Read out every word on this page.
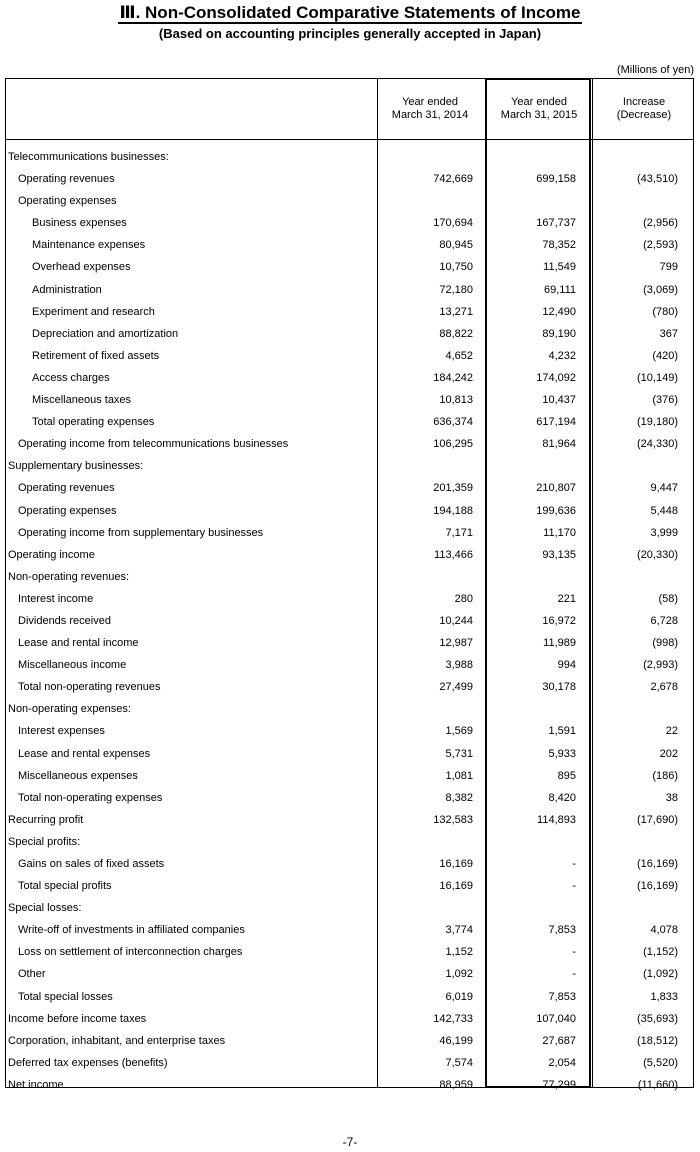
Ⅲ. Non-Consolidated Comparative Statements of Income
(Based on accounting principles generally accepted in Japan)
(Millions of yen)
Year ended
March 31, 2014
Year ended
March 31, 2015
Increase
(Decrease)
Telecommunications businesses:
Operating revenues	742,669	699,158	(43,510)
Operating expenses
Business expenses	170,694	167,737	(2,956)
Maintenance expenses	80,945	78,352	(2,593)
Overhead expenses	10,750	11,549	799
Administration	72,180	69,111	(3,069)
Experiment and research	13,271	12,490	(780)
Depreciation and amortization	88,822	89,190	367
Retirement of fixed assets	4,652	4,232	(420)
Access charges	184,242	174,092	(10,149)
Miscellaneous taxes	10,813	10,437	(376)
Total operating expenses	636,374	617,194	(19,180)
Operating income from telecommunications businesses	106,295	81,964	(24,330)
Supplementary businesses:
Operating revenues	201,359	210,807	9,447
Operating expenses	194,188	199,636	5,448
Operating income from supplementary businesses	7,171	11,170	3,999
Operating income	113,466	93,135	(20,330)
Non-operating revenues:
Interest income	280	221	(58)
Dividends received	10,244	16,972	6,728
Lease and rental income	12,987	11,989	(998)
Miscellaneous income	3,988	994	(2,993)
Total non-operating revenues	27,499	30,178	2,678
Non-operating expenses:
Interest expenses	1,569	1,591	22
Lease and rental expenses	5,731	5,933	202
Miscellaneous expenses	1,081	895	(186)
Total non-operating expenses	8,382	8,420	38
Recurring profit	132,583	114,893	(17,690)
Special profits:
Gains on sales of fixed assets	16,169	-	(16,169)
Total special profits	16,169	-	(16,169)
Special losses:
Write-off of investments in affiliated companies	3,774	7,853	4,078
Loss on settlement of interconnection charges	1,152	-	(1,152)
Other	1,092	-	(1,092)
Total special losses	6,019	7,853	1,833
Income before income taxes	142,733	107,040	(35,693)
Corporation, inhabitant, and enterprise taxes	46,199	27,687	(18,512)
Deferred tax expenses (benefits)	7,574	2,054	(5,520)
Net income	88,959	77,299	(11,660)
-7-
